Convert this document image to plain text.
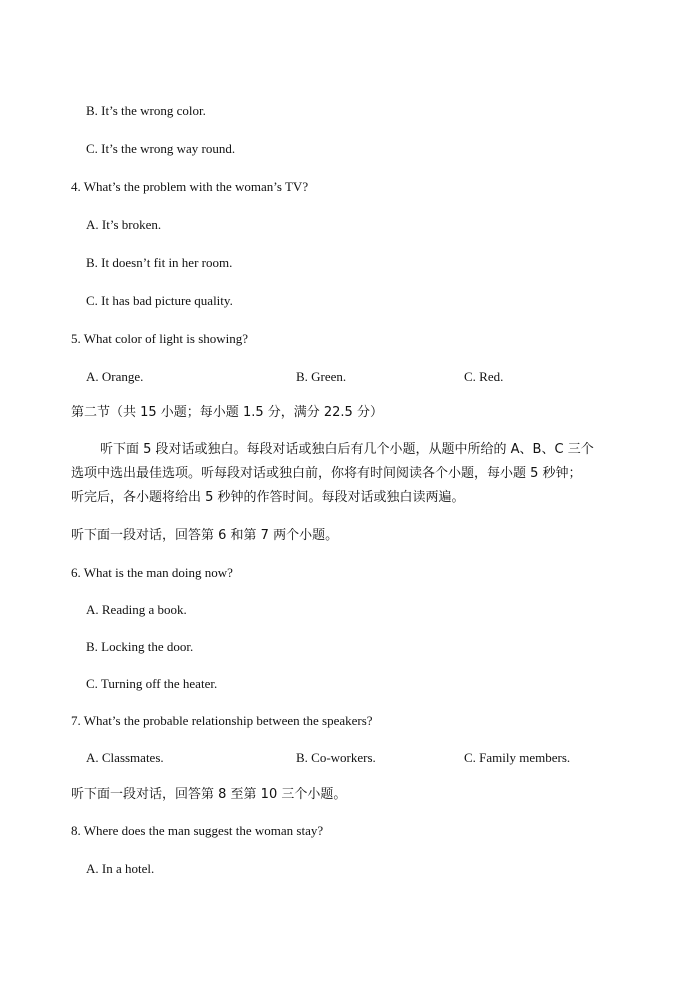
B. It’s the wrong color.
C. It’s the wrong way round.
4. What’s the problem with the woman’s TV?
A. It’s broken.
B. It doesn’t fit in her room.
C. It has bad picture quality.
5. What color of light is showing?
A. Orange.	B. Green.	C. Red.
第二节（共 15 小题；每小题 1.5 分，满分 22.5 分）
听下面 5 段对话或独白。每段对话或独白后有几个小题，从题中所给的 A、B、C 三个
选项中选出最佳选项。听每段对话或独白前，你将有时间阅读各个小题，每小题 5 秒钟；
听完后，各小题将给出 5 秒钟的作答时间。每段对话或独白读两遍。
听下面一段对话，回答第 6 和第 7 两个小题。
6. What is the man doing now?
A. Reading a book.
B. Locking the door.
C. Turning off the heater.
7. What’s the probable relationship between the speakers?
A. Classmates.	B. Co-workers.	C. Family members.
听下面一段对话，回答第 8 至第 10 三个小题。
8. Where does the man suggest the woman stay?
A. In a hotel.
